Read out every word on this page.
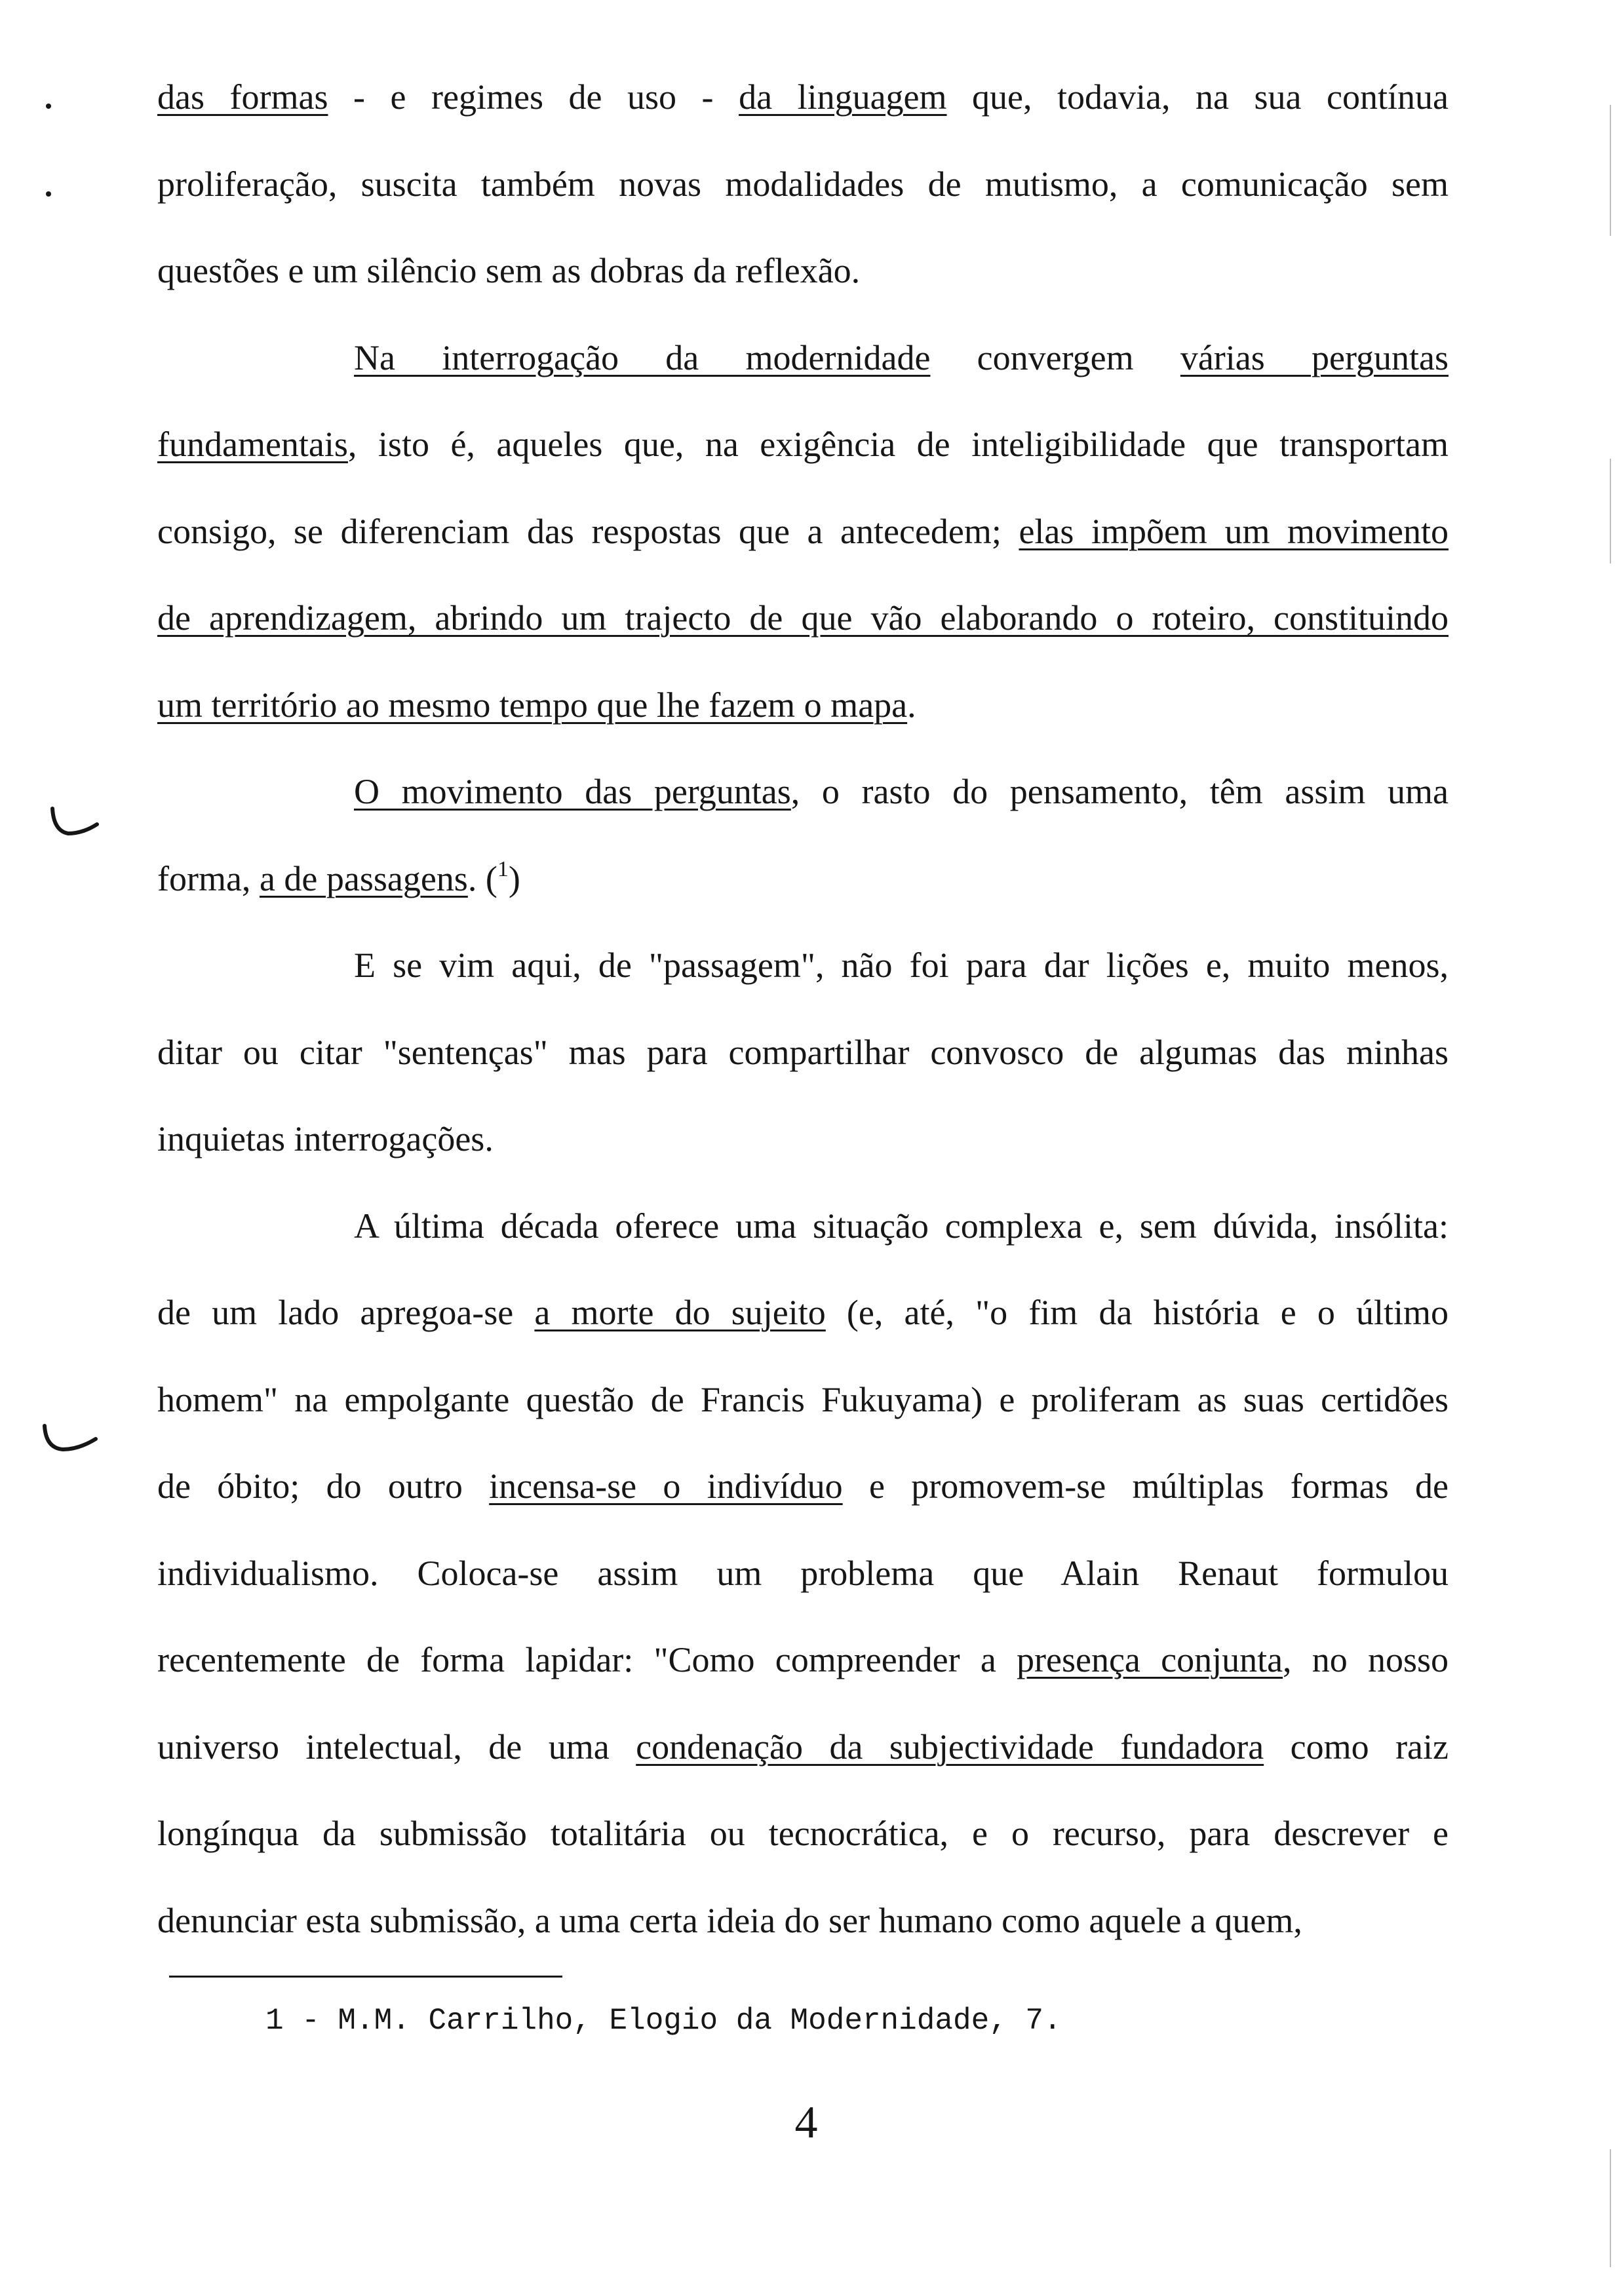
das formas - e regimes de uso - da linguagem que, todavia, na sua contínua
proliferação, suscita também novas modalidades de mutismo, a comunicação sem
questões e um silêncio sem as dobras da reflexão.
Na interrogação da modernidade convergem várias perguntas
fundamentais, isto é, aqueles que, na exigência de inteligibilidade que transportam
consigo, se diferenciam das respostas que a antecedem; elas impõem um movimento
de aprendizagem, abrindo um trajecto de que vão elaborando o roteiro, constituindo
um território ao mesmo tempo que lhe fazem o mapa.
O movimento das perguntas, o rasto do pensamento, têm assim uma
forma, a de passagens. ($^1$)
E se vim aqui, de "passagem", não foi para dar lições e, muito menos,
ditar ou citar "sentenças" mas para compartilhar convosco de algumas das minhas
inquietas interrogações.
A última década oferece uma situação complexa e, sem dúvida, insólita:
de um lado apregoa-se a morte do sujeito (e, até, "o fim da história e o último
homem" na empolgante questão de Francis Fukuyama) e proliferam as suas certidões
de óbito; do outro incensa-se o indivíduo e promovem-se múltiplas formas de
individualismo. Coloca-se assim um problema que Alain Renaut formulou
recentemente de forma lapidar: "Como compreender a presença conjunta, no nosso
universo intelectual, de uma condenação da subjectividade fundadora como raiz
longínqua da submissão totalitária ou tecnocrática, e o recurso, para descrever e
denunciar esta submissão, a uma certa ideia do ser humano como aquele a quem,
1 - M.M. Carrilho, Elogio da Modernidade, 7.
4
